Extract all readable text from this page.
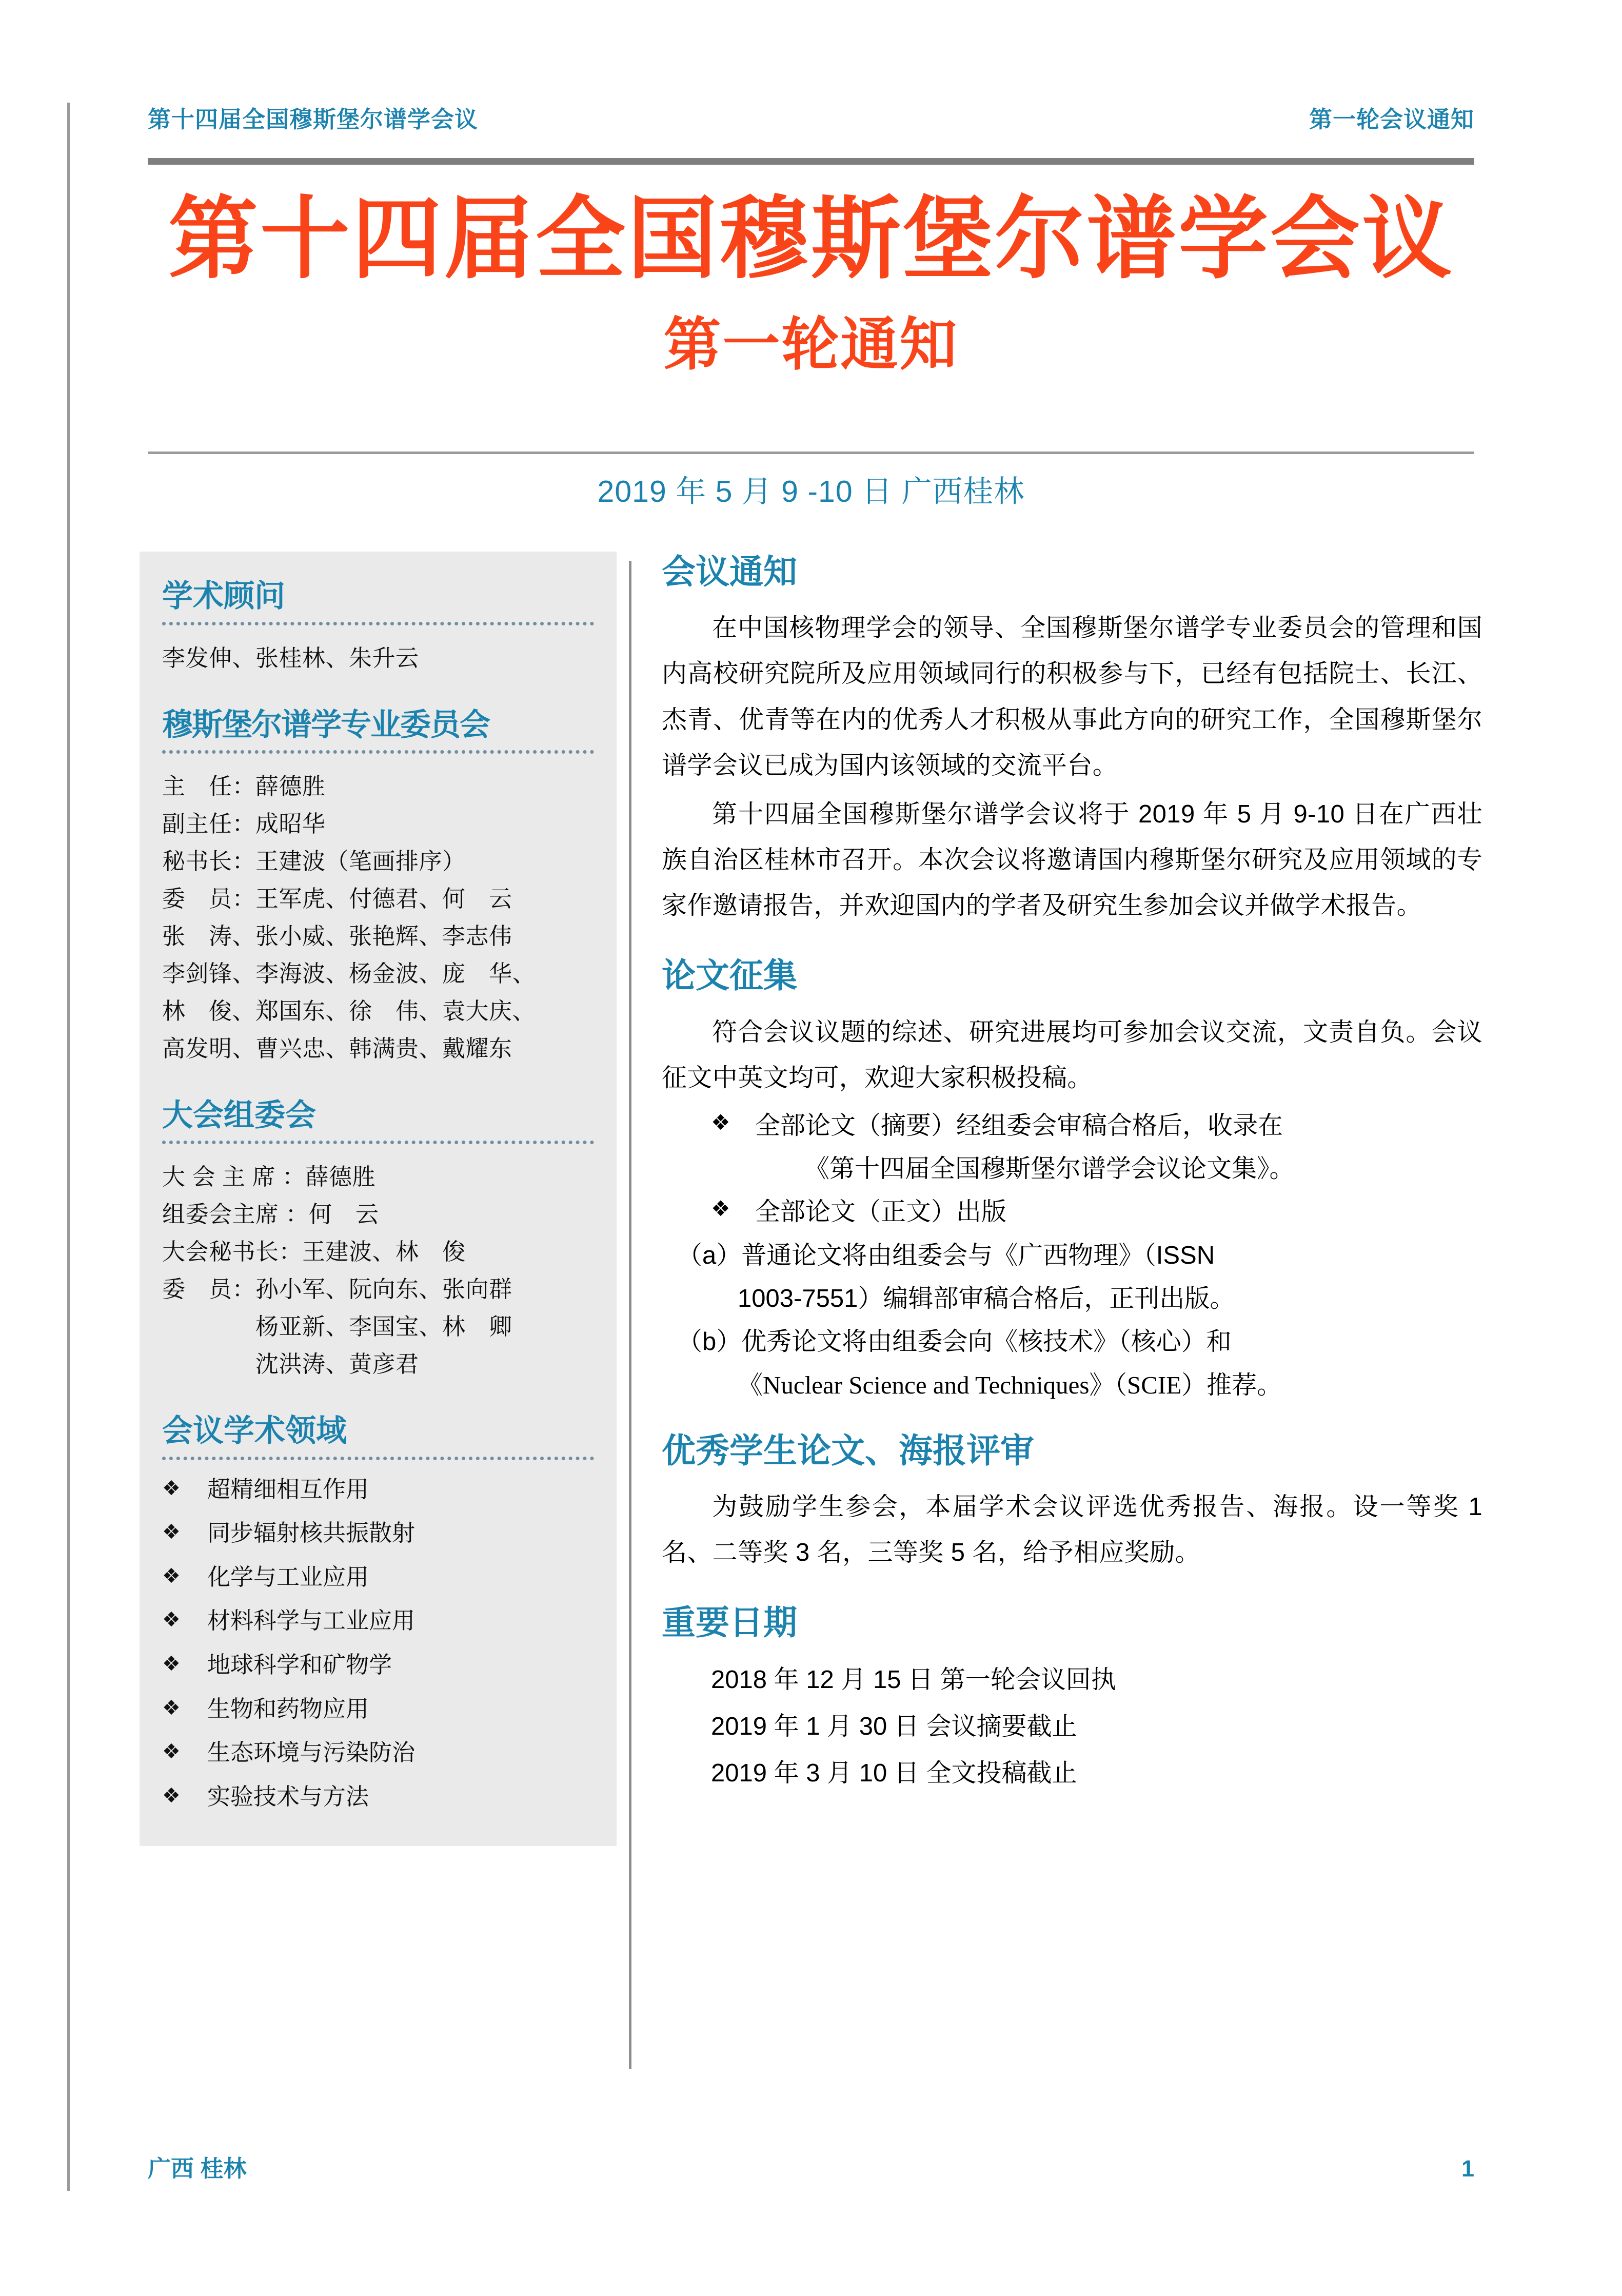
第十四届全国穆斯堡尔谱学会议	第一轮会议通知
第十四届全国穆斯堡尔谱学会议
第一轮通知
2019 年 5 月 9 -10 日 广西桂林
学术顾问

李发伸、张桂林、朱升云

穆斯堡尔谱学专业委员会

主　任：薛德胜

副主任：成昭华

秘书长：王建波（笔画排序）

委　员：王军虎、付德君、何　云

张　涛、张小威、张艳辉、李志伟

李剑锋、李海波、杨金波、庞　华、

林　俊、郑国东、徐　伟、袁大庆、

高发明、曹兴忠、韩满贵、戴耀东

大会组委会

大 会 主 席 ：薛德胜

组委会主席 ：何　云

大会秘书长：王建波、林　俊

委　员：孙小军、阮向东、张向群

　　　　杨亚新、李国宝、林　卿

　　　　沈洪涛、黄彦君

会议学术领域
❖	超精细相互作用
❖	同步辐射核共振散射
❖	化学与工业应用
❖	材料科学与工业应用
❖	地球科学和矿物学
❖	生物和药物应用
❖	生态环境与污染防治
❖	实验技术与方法
会议通知

在中国核物理学会的领导、全国穆斯堡尔谱学专业委员会的管理和国内高校研究院所及应用领域同行的积极参与下，已经有包括院士、长江、杰青、优青等在内的优秀人才积极从事此方向的研究工作，全国穆斯堡尔谱学会议已成为国内该领域的交流平台。

第十四届全国穆斯堡尔谱学会议将于 2019 年 5 月 9-10 日在广西壮族自治区桂林市召开。本次会议将邀请国内穆斯堡尔研究及应用领域的专家作邀请报告，并欢迎国内的学者及研究生参加会议并做学术报告。

论文征集

符合会议议题的综述、研究进展均可参加会议交流，文责自负。会议征文中英文均可，欢迎大家积极投稿。

❖ 全部论文（摘要）经组委会审稿合格后，收录在
《第十四届全国穆斯堡尔谱学会议论文集》。
❖ 全部论文（正文）出版
（a）普通论文将由组委会与《广西物理》（ISSN
1003-7551）编辑部审稿合格后，正刊出版。
（b）优秀论文将由组委会向《核技术》（核心）和
《Nuclear Science and Techniques》（SCIE）推荐。
优秀学生论文、海报评审

为鼓励学生参会，本届学术会议评选优秀报告、海报。设一等奖 1 名、二等奖 3 名，三等奖 5 名，给予相应奖励。

重要日期
2018 年 12 月 15 日 第一轮会议回执
2019 年 1 月 30 日 会议摘要截止
2019 年 3 月 10 日 全文投稿截止
广西 桂林	1
